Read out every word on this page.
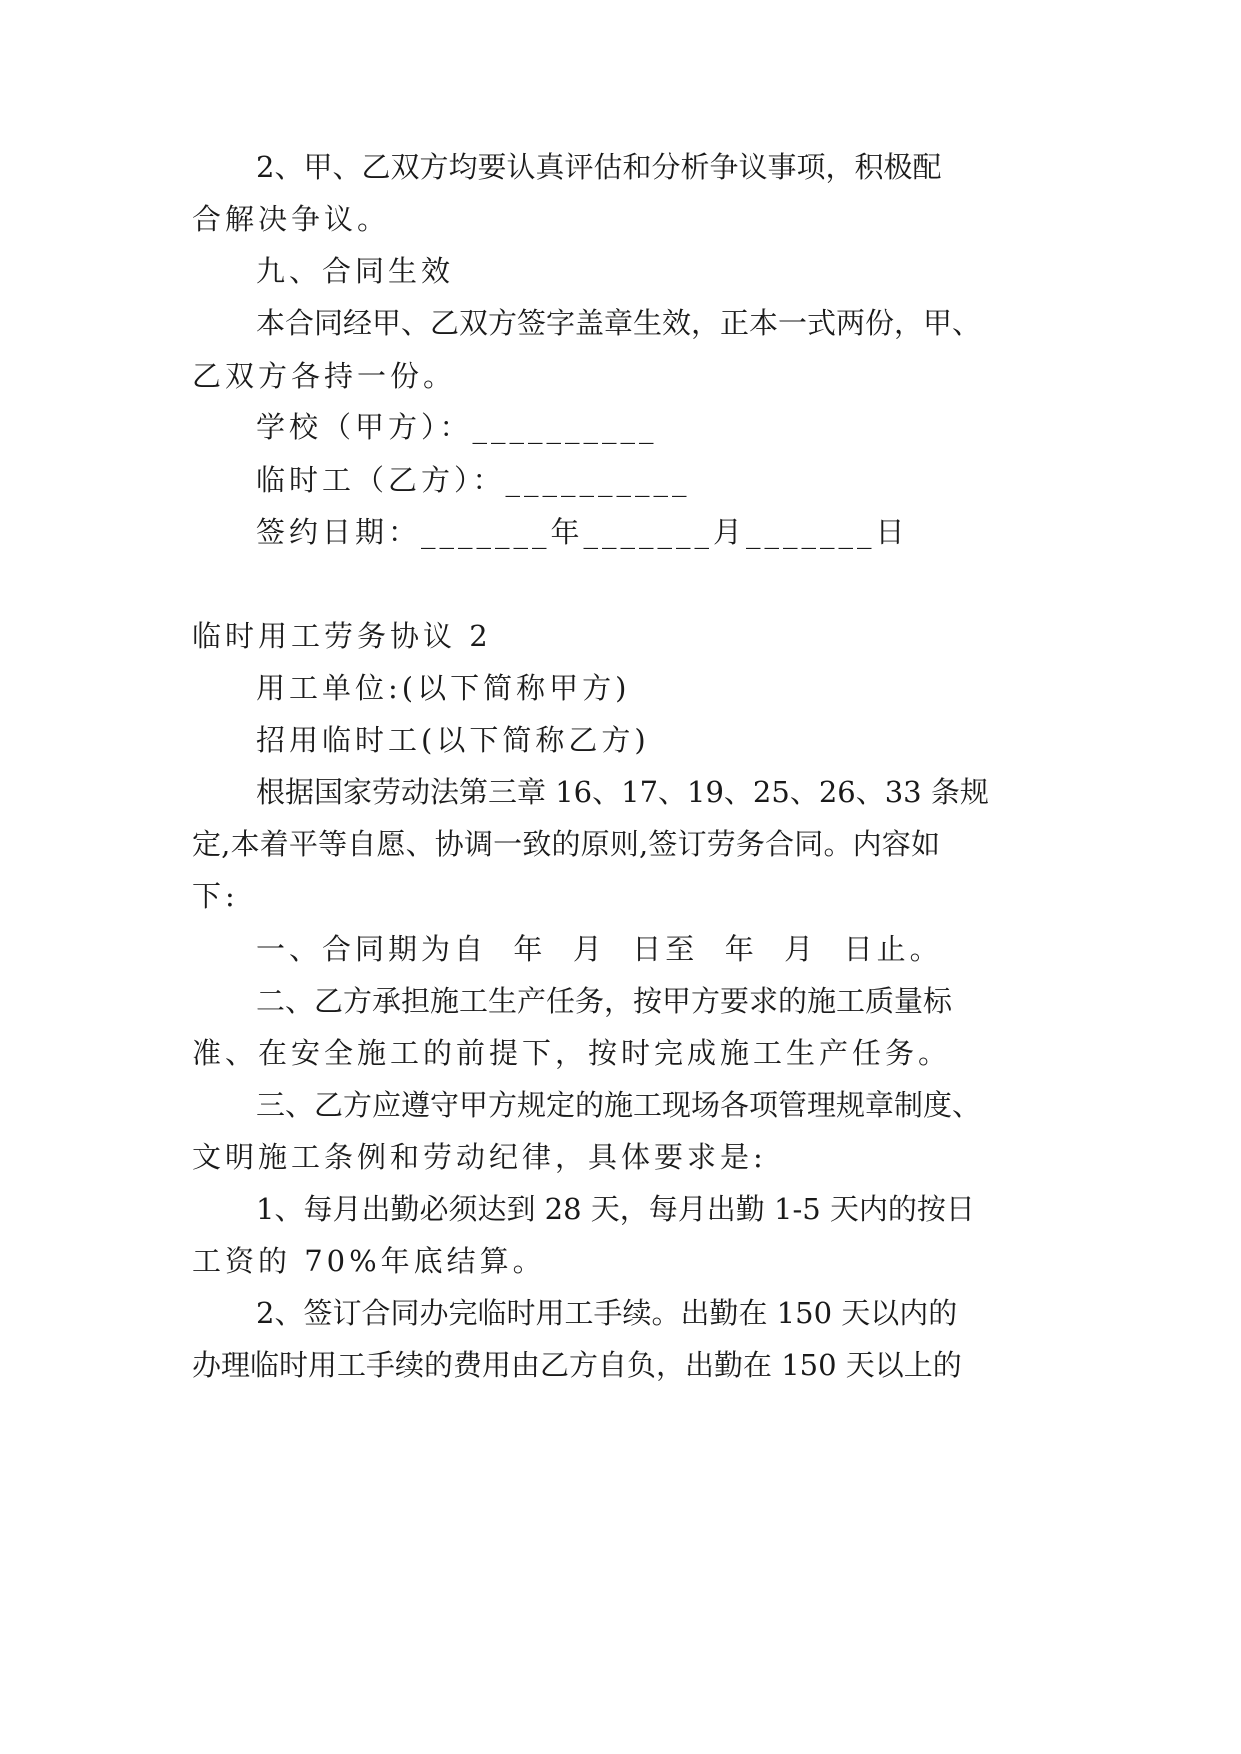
2、甲、乙双方均要认真评估和分析争议事项，积极配
合解决争议。
九、合同生效
本合同经甲、乙双方签字盖章生效，正本一式两份，甲、
乙双方各持一份。
学校（甲方）：__________
临时工（乙方）：__________
签约日期：_______年_______月_______日
临时用工劳务协议 2
用工单位:(以下简称甲方)
招用临时工(以下简称乙方)
根据国家劳动法第三章 16、17、19、25、26、33 条规
定,本着平等自愿、协调一致的原则,签订劳务合同。内容如
下:
一、合同期为自  年  月  日至  年  月  日止。
二、乙方承担施工生产任务，按甲方要求的施工质量标
准、在安全施工的前提下，按时完成施工生产任务。
三、乙方应遵守甲方规定的施工现场各项管理规章制度、
文明施工条例和劳动纪律，具体要求是:
1、每月出勤必须达到 28 天，每月出勤 1-5 天内的按日
工资的 70%年底结算。
2、签订合同办完临时用工手续。出勤在 150 天以内的
办理临时用工手续的费用由乙方自负，出勤在 150 天以上的
